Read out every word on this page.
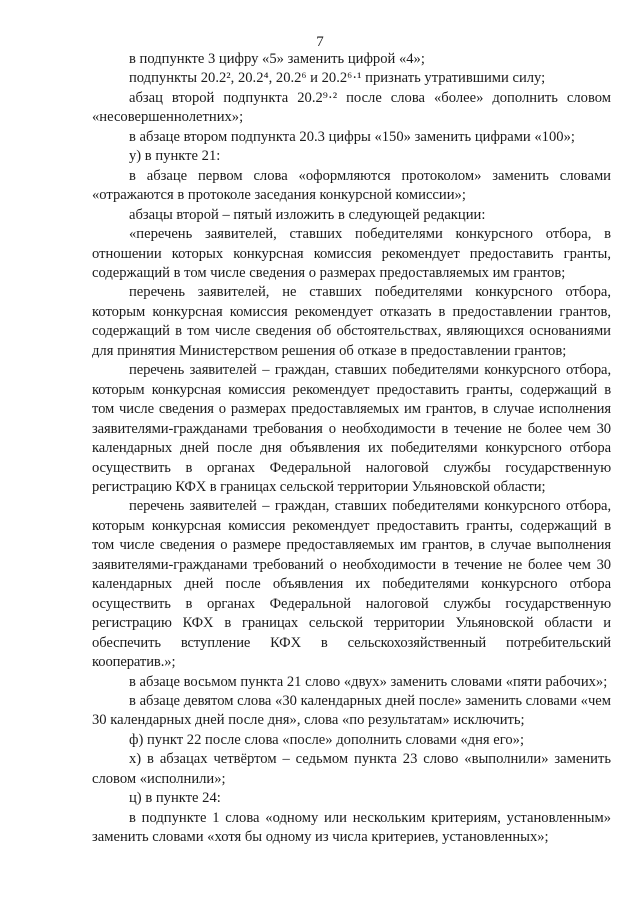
7

в подпункте 3 цифру «5» заменить цифрой «4»;

подпункты 20.2², 20.2⁴, 20.2⁶ и 20.2⁶·¹ признать утратившими силу;

абзац второй подпункта 20.2⁹·² после слова «более» дополнить словом «несовершеннолетних»;

в абзаце втором подпункта 20.3 цифры «150» заменить цифрами «100»;

у) в пункте 21:

в абзаце первом слова «оформляются протоколом» заменить словами «отражаются в протоколе заседания конкурсной комиссии»;

абзацы второй – пятый изложить в следующей редакции:

«перечень заявителей, ставших победителями конкурсного отбора, в отношении которых конкурсная комиссия рекомендует предоставить гранты, содержащий в том числе сведения о размерах предоставляемых им грантов;

перечень заявителей, не ставших победителями конкурсного отбора, которым конкурсная комиссия рекомендует отказать в предоставлении грантов, содержащий в том числе сведения об обстоятельствах, являющихся основаниями для принятия Министерством решения об отказе в предоставлении грантов;

перечень заявителей – граждан, ставших победителями конкурсного отбора, которым конкурсная комиссия рекомендует предоставить гранты, содержащий в том числе сведения о размерах предоставляемых им грантов, в случае исполнения заявителями-гражданами требования о необходимости в течение не более чем 30 календарных дней после дня объявления их победителями конкурсного отбора осуществить в органах Федеральной налоговой службы государственную регистрацию КФХ в границах сельской территории Ульяновской области;

перечень заявителей – граждан, ставших победителями конкурсного отбора, которым конкурсная комиссия рекомендует предоставить гранты, содержащий в том числе сведения о размере предоставляемых им грантов, в случае выполнения заявителями-гражданами требований о необходимости в течение не более чем 30 календарных дней после объявления их победителями конкурсного отбора осуществить в органах Федеральной налоговой службы государственную регистрацию КФХ в границах сельской территории Ульяновской области и обеспечить вступление КФХ в сельскохозяйственный потребительский кооператив.»;

в абзаце восьмом пункта 21 слово «двух» заменить словами «пяти рабочих»;

в абзаце девятом слова «30 календарных дней после» заменить словами «чем 30 календарных дней после дня», слова «по результатам» исключить;

ф) пункт 22 после слова «после» дополнить словами «дня его»;

х) в абзацах четвёртом – седьмом пункта 23 слово «выполнили» заменить словом «исполнили»;

ц) в пункте 24:

в подпункте 1 слова «одному или нескольким критериям, установленным» заменить словами «хотя бы одному из числа критериев, установленных»;
